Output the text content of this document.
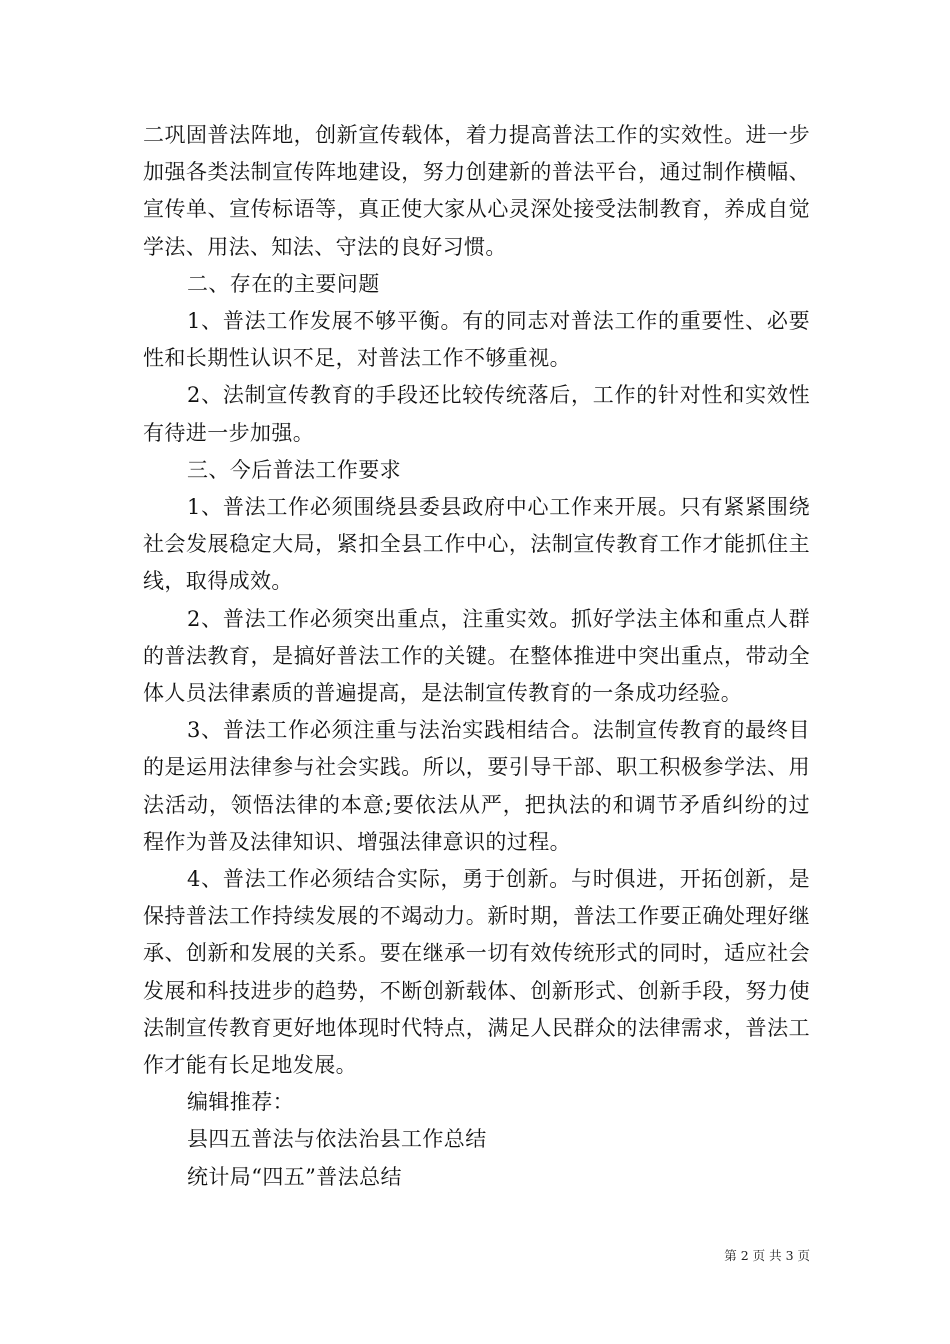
二巩固普法阵地，创新宣传载体，着力提高普法工作的实效性。进一步加强各类法制宣传阵地建设，努力创建新的普法平台，通过制作横幅、宣传单、宣传标语等，真正使大家从心灵深处接受法制教育，养成自觉学法、用法、知法、守法的良好习惯。

二、存在的主要问题

1、普法工作发展不够平衡。有的同志对普法工作的重要性、必要性和长期性认识不足，对普法工作不够重视。

2、法制宣传教育的手段还比较传统落后，工作的针对性和实效性有待进一步加强。

三、今后普法工作要求

1、普法工作必须围绕县委县政府中心工作来开展。只有紧紧围绕社会发展稳定大局，紧扣全县工作中心，法制宣传教育工作才能抓住主线，取得成效。

2、普法工作必须突出重点，注重实效。抓好学法主体和重点人群的普法教育，是搞好普法工作的关键。在整体推进中突出重点，带动全体人员法律素质的普遍提高，是法制宣传教育的一条成功经验。

3、普法工作必须注重与法治实践相结合。法制宣传教育的最终目的是运用法律参与社会实践。所以，要引导干部、职工积极参学法、用法活动，领悟法律的本意;要依法从严，把执法的和调节矛盾纠纷的过程作为普及法律知识、增强法律意识的过程。

4、普法工作必须结合实际，勇于创新。与时俱进，开拓创新，是保持普法工作持续发展的不竭动力。新时期，普法工作要正确处理好继承、创新和发展的关系。要在继承一切有效传统形式的同时，适应社会发展和科技进步的趋势，不断创新载体、创新形式、创新手段，努力使法制宣传教育更好地体现时代特点，满足人民群众的法律需求，普法工作才能有长足地发展。

编辑推荐：

县四五普法与依法治县工作总结

统计局“四五”普法总结

第 2 页 共 3 页
